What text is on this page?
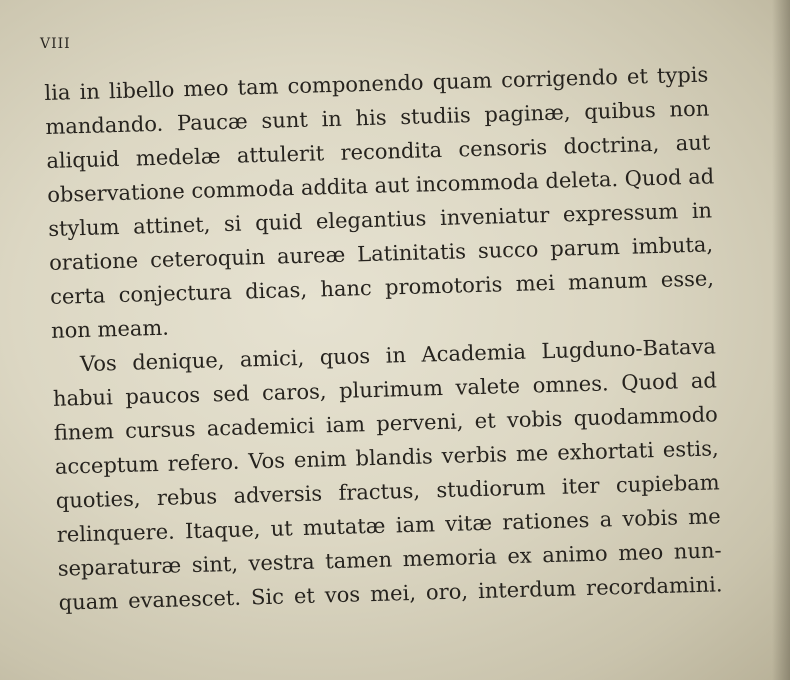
VIII
lia in libello meo tam componendo quam corrigendo et typis
mandando. Paucæ sunt in his studiis paginæ, quibus non
aliquid medelæ attulerit recondita censoris doctrina, aut
observatione commoda addita aut incommoda deleta. Quod ad
stylum attinet, si quid elegantius inveniatur expressum in
oratione ceteroquin aureæ Latinitatis succo parum imbuta,
certa conjectura dicas, hanc promotoris mei manum esse,
non meam.
Vos denique, amici, quos in Academia Lugduno-Batava
habui paucos sed caros, plurimum valete omnes. Quod ad
finem cursus academici iam perveni, et vobis quodammodo
acceptum refero. Vos enim blandis verbis me exhortati estis,
quoties, rebus adversis fractus, studiorum iter cupiebam
relinquere. Itaque, ut mutatæ iam vitæ rationes a vobis me
separaturæ sint, vestra tamen memoria ex animo meo nun-
quam evanescet. Sic et vos mei, oro, interdum recordamini.
